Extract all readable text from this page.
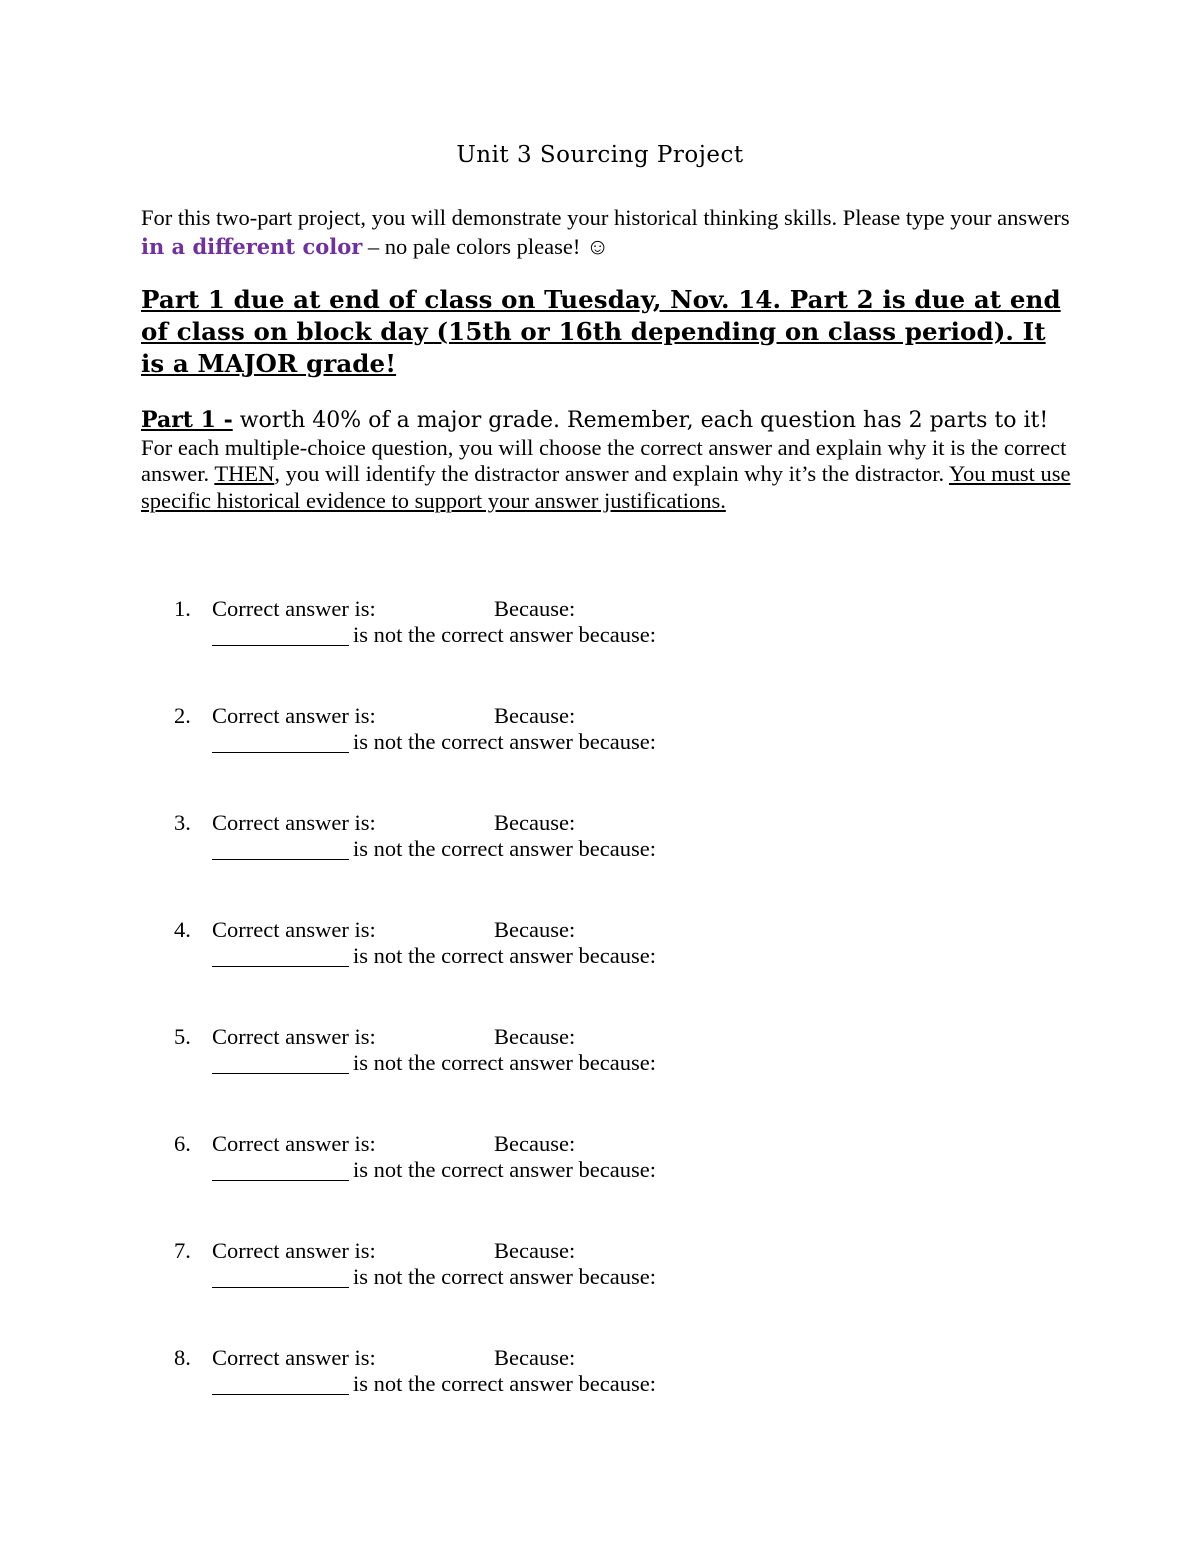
Unit 3 Sourcing Project
For this two-part project, you will demonstrate your historical thinking skills. Please type your answers in a different color – no pale colors please! ☺
Part 1 due at end of class on Tuesday, Nov. 14. Part 2 is due at end of class on block day (15th or 16th depending on class period). It is a MAJOR grade!
Part 1 - worth 40% of a major grade. Remember, each question has 2 parts to it!
For each multiple-choice question, you will choose the correct answer and explain why it is the correct answer. THEN, you will identify the distractor answer and explain why it’s the distractor. You must use specific historical evidence to support your answer justifications.
1. Correct answer is:	Because:
is not the correct answer because:
2. Correct answer is:	Because:
is not the correct answer because:
3. Correct answer is:	Because:
is not the correct answer because:
4. Correct answer is:	Because:
is not the correct answer because:
5. Correct answer is:	Because:
is not the correct answer because:
6. Correct answer is:	Because:
is not the correct answer because:
7. Correct answer is:	Because:
is not the correct answer because:
8. Correct answer is:	Because:
is not the correct answer because:
